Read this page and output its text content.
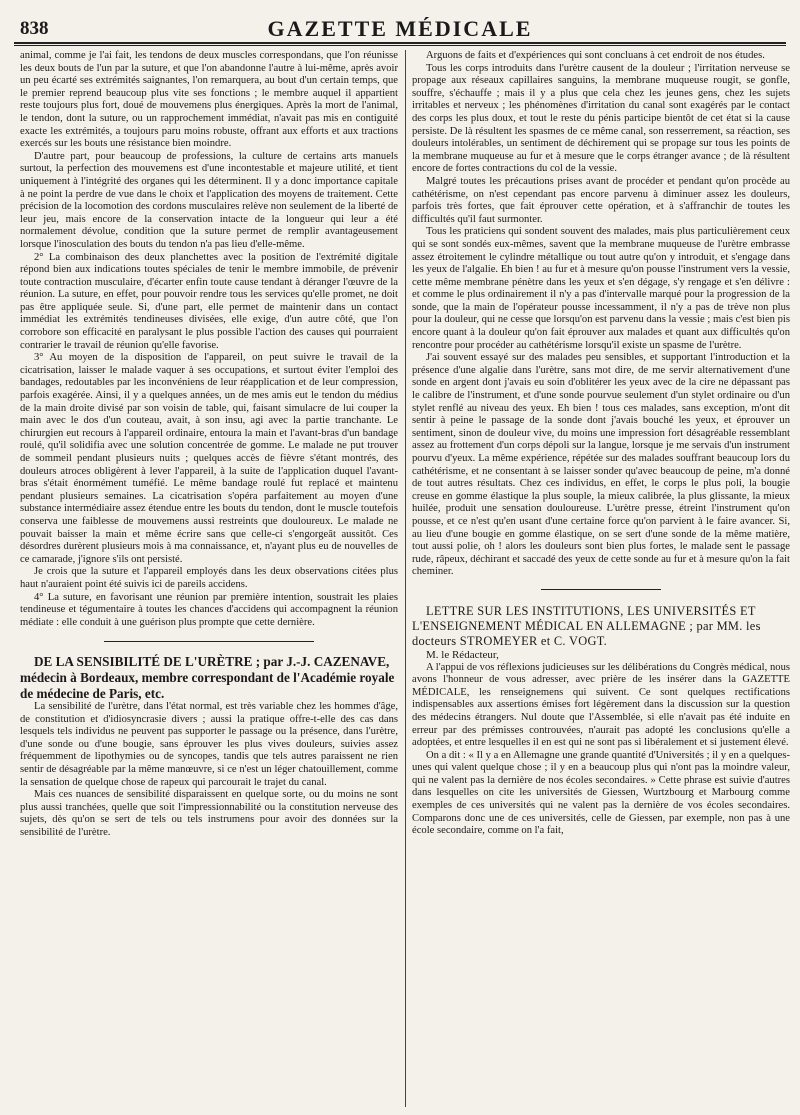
838	GAZETTE MÉDICALE

animal, comme je l'ai fait, les tendons de deux muscles correspondans, que l'on réunisse les deux bouts de l'un par la suture, et que l'on abandonne l'autre à lui-même, après avoir un peu écarté ses extrémités saignantes, l'on remarquera, au bout d'un certain temps, que le premier reprend beaucoup plus vite ses fonctions ; le membre auquel il appartient reste toujours plus fort, doué de mouvemens plus énergiques. Après la mort de l'animal, le tendon, dont la suture, ou un rapprochement immédiat, n'avait pas mis en contiguité exacte les extrémités, a toujours paru moins robuste, offrant aux efforts et aux tractions exercés sur les bouts une résistance bien moindre.

D'autre part, pour beaucoup de professions, la culture de certains arts manuels surtout, la perfection des mouvemens est d'une incontestable et majeure utilité, et tient uniquement à l'intégrité des organes qui les déterminent. Il y a donc importance capitale à ne point la perdre de vue dans le choix et l'application des moyens de traitement. Cette précision de la locomotion des cordons musculaires relève non seulement de la liberté de leur jeu, mais encore de la conservation intacte de la longueur qui leur a été normalement dévolue, condition que la suture permet de remplir avantageusement lorsque l'inosculation des bouts du tendon n'a pas lieu d'elle-même.

2° La combinaison des deux planchettes avec la position de l'extrémité digitale répond bien aux indications toutes spéciales de tenir le membre immobile, de prévenir toute contraction musculaire, d'écarter enfin toute cause tendant à déranger l'œuvre de la réunion. La suture, en effet, pour pouvoir rendre tous les services qu'elle promet, ne doit pas être appliquée seule. Si, d'une part, elle permet de maintenir dans un contact immédiat les extrémités tendineuses divisées, elle exige, d'un autre côté, que l'on corrobore son efficacité en paralysant le plus possible l'action des causes qui pourraient contrarier le travail de réunion qu'elle favorise.

3° Au moyen de la disposition de l'appareil, on peut suivre le travail de la cicatrisation, laisser le malade vaquer à ses occupations, et surtout éviter l'emploi des bandages, redoutables par les inconvéniens de leur réapplication et de leur compression, parfois exagérée. Ainsi, il y a quelques années, un de mes amis eut le tendon du médius de la main droite divisé par son voisin de table, qui, faisant simulacre de lui couper la main avec le dos d'un couteau, avait, à son insu, agi avec la partie tranchante. Le chirurgien eut recours à l'appareil ordinaire, entoura la main et l'avant-bras d'un bandage roulé, qu'il solidifia avec une solution concentrée de gomme. Le malade ne put trouver de sommeil pendant plusieurs nuits ; quelques accès de fièvre s'étant montrés, des douleurs atroces obligèrent à lever l'appareil, à la suite de l'application duquel l'avant-bras s'était énormément tuméfié. Le même bandage roulé fut replacé et maintenu pendant plusieurs semaines. La cicatrisation s'opéra parfaitement au moyen d'une substance intermédiaire assez étendue entre les bouts du tendon, dont le muscle toutefois conserva une faiblesse de mouvemens aussi restreints que douloureux. Le malade ne pouvait baisser la main et même écrire sans que celle-ci s'engorgeât aussitôt. Ces désordres durèrent plusieurs mois à ma connaissance, et, n'ayant plus eu de nouvelles de ce camarade, j'ignore s'ils ont persisté.

Je crois que la suture et l'appareil employés dans les deux observations citées plus haut n'auraient point été suivis ici de pareils accidens.

4° La suture, en favorisant une réunion par première intention, soustrait les plaies tendineuse et tégumentaire à toutes les chances d'accidens qui accompagnent la réunion médiate : elle conduit à une guérison plus prompte que cette dernière.

DE LA SENSIBILITÉ DE L'URÈTRE ; par J.-J. CAZENAVE, médecin à Bordeaux, membre correspondant de l'Académie royale de médecine de Paris, etc.

La sensibilité de l'urètre, dans l'état normal, est très variable chez les hommes d'âge, de constitution et d'idiosyncrasie divers ; aussi la pratique offre-t-elle des cas dans lesquels tels individus ne peuvent pas supporter le passage ou la présence, dans l'urètre, d'une sonde ou d'une bougie, sans éprouver les plus vives douleurs, suivies assez fréquemment de lipothymies ou de syncopes, tandis que tels autres paraissent ne rien sentir de désagréable par la même manœuvre, si ce n'est un léger chatouillement, comme la sensation de quelque chose de rapeux qui parcourait le trajet du canal.

Mais ces nuances de sensibilité disparaissent en quelque sorte, ou du moins ne sont plus aussi tranchées, quelle que soit l'impressionnabilité ou la constitution nerveuse des sujets, dès qu'on se sert de tels ou tels instrumens pour avoir des données sur la sensibilité de l'urètre.

Arguons de faits et d'expériences qui sont concluans à cet endroit de nos études.

Tous les corps introduits dans l'urètre causent de la douleur ; l'irritation nerveuse se propage aux réseaux capillaires sanguins, la membrane muqueuse rougit, se gonfle, souffre, s'échauffe ; mais il y a plus que cela chez les jeunes gens, chez les sujets irritables et nerveux ; les phénomènes d'irritation du canal sont exagérés par le contact des corps les plus doux, et tout le reste du pénis participe bientôt de cet état si la cause persiste. De là résultent les spasmes de ce même canal, son resserrement, sa réaction, ses douleurs intolérables, un sentiment de déchirement qui se propage sur tous les points de la membrane muqueuse au fur et à mesure que le corps étranger avance ; de là résultent encore de fortes contractions du col de la vessie.

Malgré toutes les précautions prises avant de procéder et pendant qu'on procède au cathétérisme, on n'est cependant pas encore parvenu à diminuer assez les douleurs, parfois très fortes, que fait éprouver cette opération, et à s'affranchir de toutes les difficultés qu'il faut surmonter.

Tous les praticiens qui sondent souvent des malades, mais plus particulièrement ceux qui se sont sondés eux-mêmes, savent que la membrane muqueuse de l'urètre embrasse assez étroitement le cylindre métallique ou tout autre qu'on y introduit, et s'engage dans les yeux de l'algalie. Eh bien ! au fur et à mesure qu'on pousse l'instrument vers la vessie, cette même membrane pénètre dans les yeux et s'en dégage, s'y rengage et s'en délivre : et comme le plus ordinairement il n'y a pas d'intervalle marqué pour la progression de la sonde, que la main de l'opérateur pousse incessamment, il n'y a pas de trève non plus pour la douleur, qui ne cesse que lorsqu'on est parvenu dans la vessie ; mais c'est bien pis encore quant à la douleur qu'on fait éprouver aux malades et quant aux difficultés qu'on rencontre pour procéder au cathétérisme lorsqu'il existe un spasme de l'urètre.

J'ai souvent essayé sur des malades peu sensibles, et supportant l'introduction et la présence d'une algalie dans l'urètre, sans mot dire, de me servir alternativement d'une sonde en argent dont j'avais eu soin d'oblitérer les yeux avec de la cire ne dépassant pas le calibre de l'instrument, et d'une sonde pourvue seulement d'un stylet ordinaire ou d'un stylet renflé au niveau des yeux. Eh bien ! tous ces malades, sans exception, m'ont dit sentir à peine le passage de la sonde dont j'avais bouché les yeux, et éprouver un sentiment, sinon de douleur vive, du moins une impression fort désagréable ressemblant assez au frottement d'un corps dépoli sur la langue, lorsque je me servais d'un instrument pourvu d'yeux. La même expérience, répétée sur des malades souffrant beaucoup lors du cathétérisme, et ne consentant à se laisser sonder qu'avec beaucoup de peine, m'a donné de tout autres résultats. Chez ces individus, en effet, le corps le plus poli, la bougie creuse en gomme élastique la plus souple, la mieux calibrée, la plus glissante, la mieux huilée, produit une sensation douloureuse. L'urètre presse, étreint l'instrument qu'on pousse, et ce n'est qu'en usant d'une certaine force qu'on parvient à le faire avancer. Si, au lieu d'une bougie en gomme élastique, on se sert d'une sonde de la même matière, tout aussi polie, oh ! alors les douleurs sont bien plus fortes, le malade sent le passage rude, râpeux, déchirant et saccadé des yeux de cette sonde au fur et à mesure qu'on la fait cheminer.

LETTRE SUR LES INSTITUTIONS, LES UNIVERSITÉS ET L'ENSEIGNEMENT MÉDICAL EN ALLEMAGNE ; par MM. les docteurs STROMEYER et C. VOGT.

M. le Rédacteur,

A l'appui de vos réflexions judicieuses sur les délibérations du Congrès médical, nous avons l'honneur de vous adresser, avec prière de les insérer dans la GAZETTE MÉDICALE, les renseignemens qui suivent. Ce sont quelques rectifications indispensables aux assertions émises fort légèrement dans la discussion sur la question des médecins étrangers. Nul doute que l'Assemblée, si elle n'avait pas été induite en erreur par des prémisses controuvées, n'aurait pas adopté les conclusions qu'elle a adoptées, et entre lesquelles il en est qui ne sont pas si libéralement et si justement élevé.

On a dit : « Il y a en Allemagne une grande quantité d'Universités ; il y en a quelques-unes qui valent quelque chose ; il y en a beaucoup plus qui n'ont pas la moindre valeur, qui ne valent pas la dernière de nos écoles secondaires. » Cette phrase est suivie d'autres dans lesquelles on cite les universités de Giessen, Wurtzbourg et Marbourg comme exemples de ces universités qui ne valent pas la dernière de vos écoles secondaires. Comparons donc une de ces universités, celle de Giessen, par exemple, non pas à une école secondaire, comme on l'a fait,
